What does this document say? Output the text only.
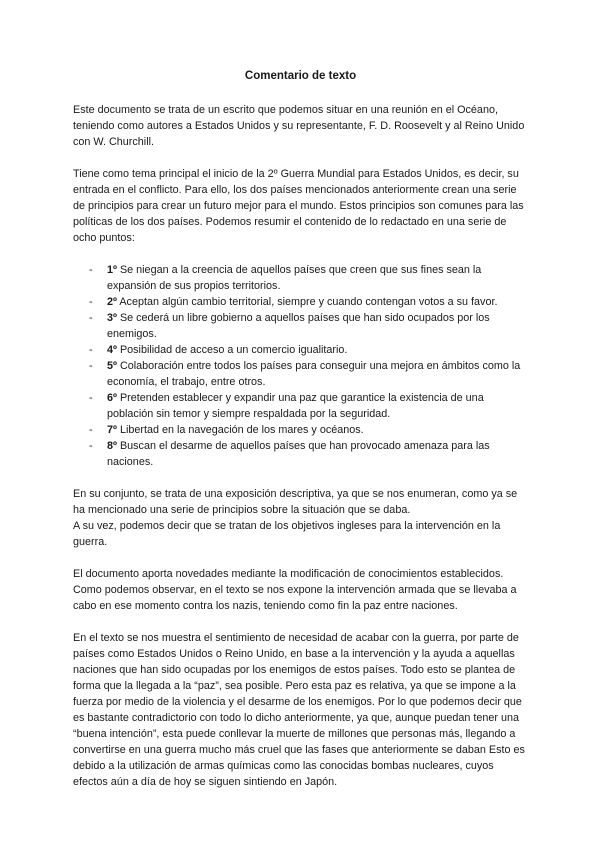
Comentario de texto

Este documento se trata de un escrito que podemos situar en una reunión en el Océano, teniendo como autores a Estados Unidos y su representante, F. D. Roosevelt y al Reino Unido con W. Churchill.

Tiene como tema principal el inicio de la 2º Guerra Mundial para Estados Unidos, es decir, su entrada en el conflicto. Para ello, los dos países mencionados anteriormente crean una serie de principios para crear un futuro mejor para el mundo. Estos principios son comunes para las políticas de los dos países. Podemos resumir el contenido de lo redactado en una serie de ocho puntos:

- 1º Se niegan a la creencia de aquellos países que creen que sus fines sean la expansión de sus propios territorios.
- 2º Aceptan algún cambio territorial, siempre y cuando contengan votos a su favor.
- 3º Se cederá un libre gobierno a aquellos países que han sido ocupados por los enemigos.
- 4º Posibilidad de acceso a un comercio igualitario.
- 5º Colaboración entre todos los países para conseguir una mejora en ámbitos como la economía, el trabajo, entre otros.
- 6º Pretenden establecer y expandir una paz que garantice la existencia de una población sin temor y siempre respaldada por la seguridad.
- 7º Libertad en la navegación de los mares y océanos.
- 8º Buscan el desarme de aquellos países que han provocado amenaza para las naciones.

En su conjunto, se trata de una exposición descriptiva, ya que se nos enumeran, como ya se ha mencionado una serie de principios sobre la situación que se daba.

A su vez, podemos decir que se tratan de los objetivos ingleses para la intervención en la guerra.

El documento aporta novedades mediante la modificación de conocimientos establecidos. Como podemos observar, en el texto se nos expone la intervención armada que se llevaba a cabo en ese momento contra los nazis, teniendo como fin la paz entre naciones.

En el texto se nos muestra el sentimiento de necesidad de acabar con la guerra, por parte de países como Estados Unidos o Reino Unido, en base a la intervención y la ayuda a aquellas naciones que han sido ocupadas por los enemigos de estos países. Todo esto se plantea de forma que la llegada a la “paz”, sea posible. Pero esta paz es relativa, ya que se impone a la fuerza por medio de la violencia y el desarme de los enemigos. Por lo que podemos decir que es bastante contradictorio con todo lo dicho anteriormente, ya que, aunque puedan tener una “buena intención”, esta puede conllevar la muerte de millones que personas más, llegando a convertirse en una guerra mucho más cruel que las fases que anteriormente se daban Esto es debido a la utilización de armas químicas como las conocidas bombas nucleares, cuyos efectos aún a día de hoy se siguen sintiendo en Japón.
